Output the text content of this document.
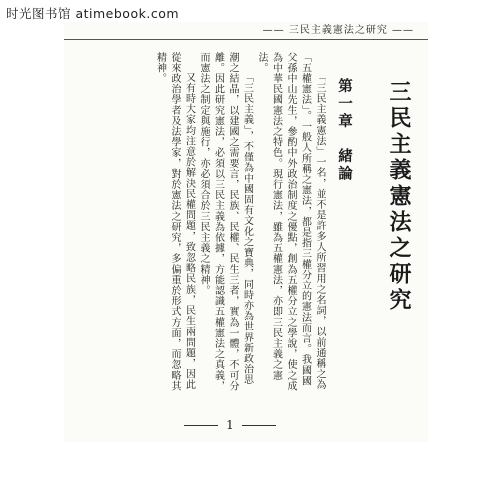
时光图书馆 atimebook.com
—— 三民主義憲法之研究 ——

「三民主義憲法」一名，並不是許多人所習用之名詞，以前通稱之為「五權憲法」。一般人所稱之憲法，都是指三權分立的憲法而言。我國國父孫中山先生，參酌中外政治制度之優點，創為五權分立之學說，使之成為中華民國憲法之特色。現行憲法，雖為五權憲法，亦即三民主義之憲法。

「三民主義」，不僅為中國固有文化之寶典，同時亦為世界新政治思潮之結晶，以建國之需要言，民族、民權、民生三者，實為一體，不可分離。因此研究憲法，必須以三民主義為依據，方能認識五權憲法之真義，而憲法之制定與施行，亦必須合於三民主義之精神。

又有時大家均注意於解決民權問題，致忽略民族，民生兩問題，因此從來政治學者及法學家，對於憲法之研究，多偏重於形式方面，而忽略其精神。

第一章　緒論 三民主義憲法之研究
1
